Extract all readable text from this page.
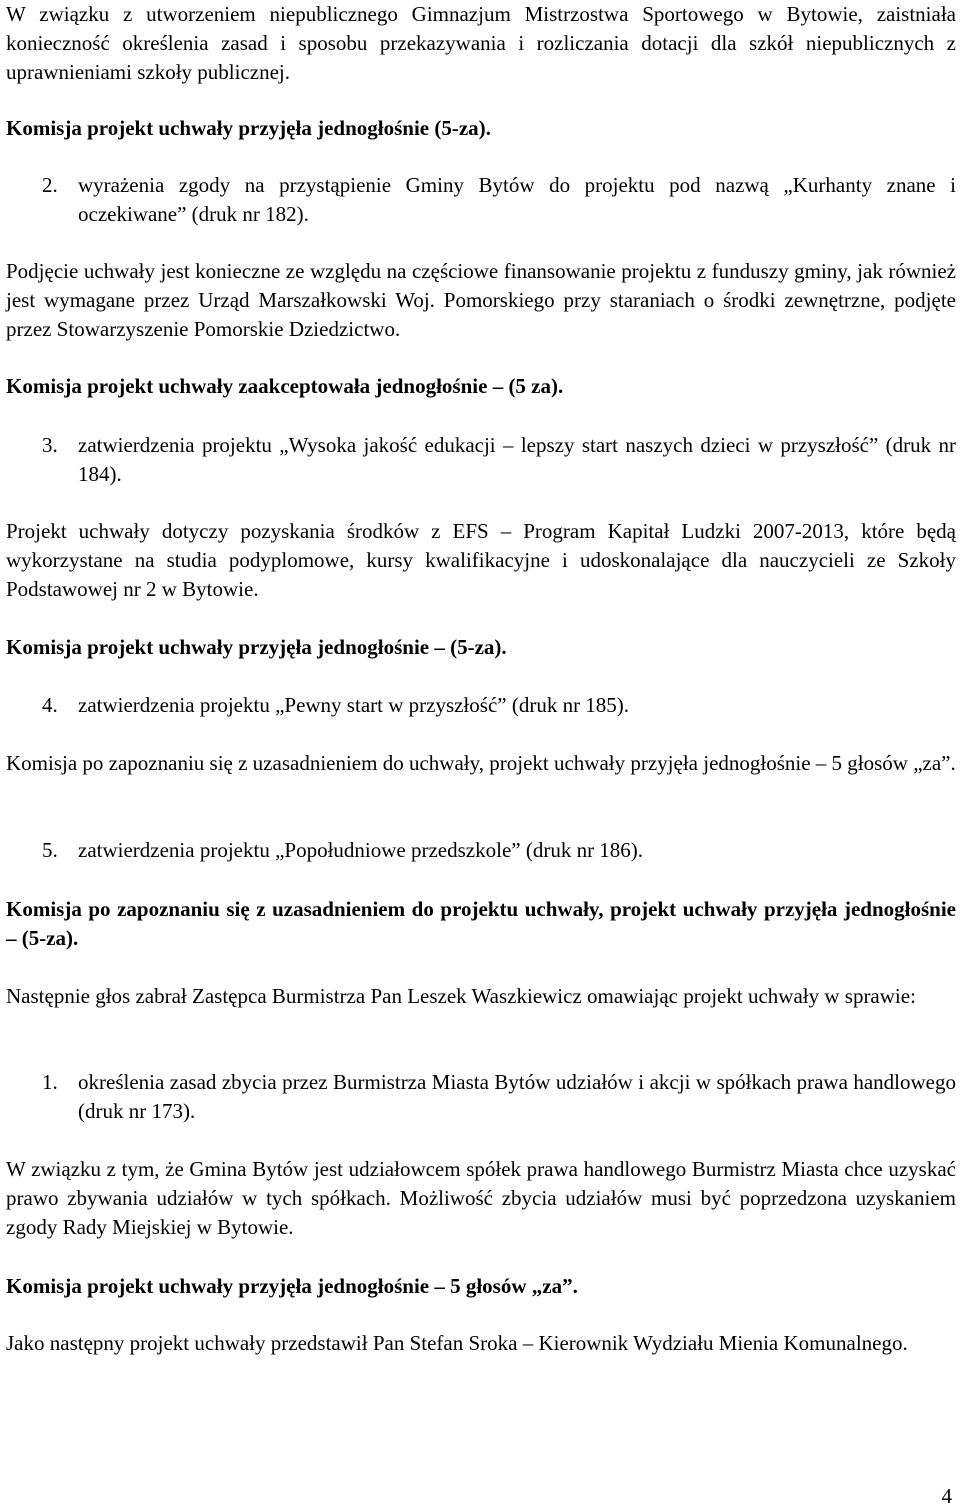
W związku z utworzeniem niepublicznego Gimnazjum Mistrzostwa Sportowego w Bytowie, zaistniała konieczność określenia zasad i sposobu przekazywania i rozliczania dotacji dla szkół niepublicznych z uprawnieniami szkoły publicznej.

Komisja projekt uchwały przyjęła jednogłośnie (5-za).

2. wyrażenia zgody na przystąpienie Gminy Bytów do projektu pod nazwą „Kurhanty znane i oczekiwane” (druk nr 182).

Podjęcie uchwały jest konieczne ze względu na częściowe finansowanie projektu z funduszy gminy, jak również jest wymagane przez Urząd Marszałkowski Woj. Pomorskiego przy staraniach o środki zewnętrzne, podjęte przez Stowarzyszenie Pomorskie Dziedzictwo.

Komisja projekt uchwały zaakceptowała jednogłośnie – (5 za).

3. zatwierdzenia projektu „Wysoka jakość edukacji – lepszy start naszych dzieci w przyszłość” (druk nr 184).

Projekt uchwały dotyczy pozyskania środków z EFS – Program Kapitał Ludzki 2007-2013, które będą wykorzystane na studia podyplomowe, kursy kwalifikacyjne i udoskonalające dla nauczycieli ze Szkoły Podstawowej nr 2 w Bytowie.

Komisja projekt uchwały przyjęła jednogłośnie – (5-za).

4. zatwierdzenia projektu „Pewny start w przyszłość” (druk nr 185).

Komisja po zapoznaniu się z uzasadnieniem do uchwały, projekt uchwały przyjęła jednogłośnie – 5 głosów „za”.

5. zatwierdzenia projektu „Popołudniowe przedszkole” (druk nr 186).

Komisja po zapoznaniu się z uzasadnieniem do projektu uchwały, projekt uchwały przyjęła jednogłośnie – (5-za).

Następnie głos zabrał Zastępca Burmistrza Pan Leszek Waszkiewicz omawiając projekt uchwały w sprawie:

1. określenia zasad zbycia przez Burmistrza Miasta Bytów udziałów i akcji w spółkach prawa handlowego (druk nr 173).

W związku z tym, że Gmina Bytów jest udziałowcem spółek prawa handlowego Burmistrz Miasta chce uzyskać prawo zbywania udziałów w tych spółkach. Możliwość zbycia udziałów musi być poprzedzona uzyskaniem zgody Rady Miejskiej w Bytowie.

Komisja projekt uchwały przyjęła jednogłośnie – 5 głosów „za”.

Jako następny projekt uchwały przedstawił Pan Stefan Sroka – Kierownik Wydziału Mienia Komunalnego.

4
